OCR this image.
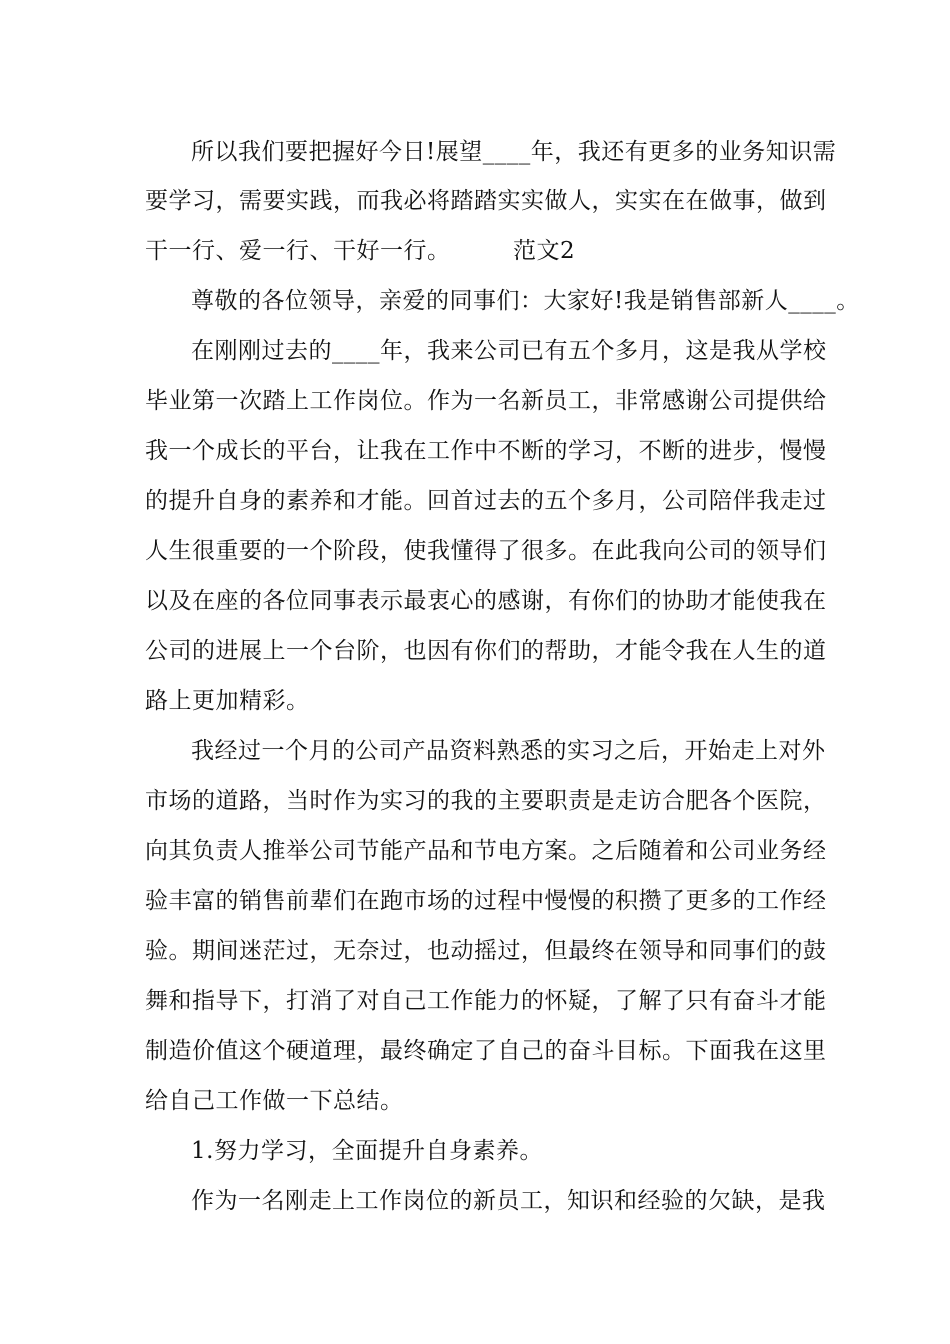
所以我们要把握好今日!展望____年，我还有更多的业务知识需

要学习，需要实践，而我必将踏踏实实做人，实实在在做事，做到

干一行、爱一行、干好一行。        范文2

尊敬的各位领导，亲爱的同事们：大家好!我是销售部新人____。

在刚刚过去的____年，我来公司已有五个多月，这是我从学校

毕业第一次踏上工作岗位。作为一名新员工，非常感谢公司提供给

我一个成长的平台，让我在工作中不断的学习，不断的进步，慢慢

的提升自身的素养和才能。回首过去的五个多月，公司陪伴我走过

人生很重要的一个阶段，使我懂得了很多。在此我向公司的领导们

以及在座的各位同事表示最衷心的感谢，有你们的协助才能使我在

公司的进展上一个台阶，也因有你们的帮助，才能令我在人生的道

路上更加精彩。

我经过一个月的公司产品资料熟悉的实习之后，开始走上对外

市场的道路，当时作为实习的我的主要职责是走访合肥各个医院，

向其负责人推举公司节能产品和节电方案。之后随着和公司业务经

验丰富的销售前辈们在跑市场的过程中慢慢的积攒了更多的工作经

验。期间迷茫过，无奈过，也动摇过，但最终在领导和同事们的鼓

舞和指导下，打消了对自己工作能力的怀疑，了解了只有奋斗才能

制造价值这个硬道理，最终确定了自己的奋斗目标。下面我在这里

给自己工作做一下总结。

1.努力学习，全面提升自身素养。

作为一名刚走上工作岗位的新员工，知识和经验的欠缺，是我
